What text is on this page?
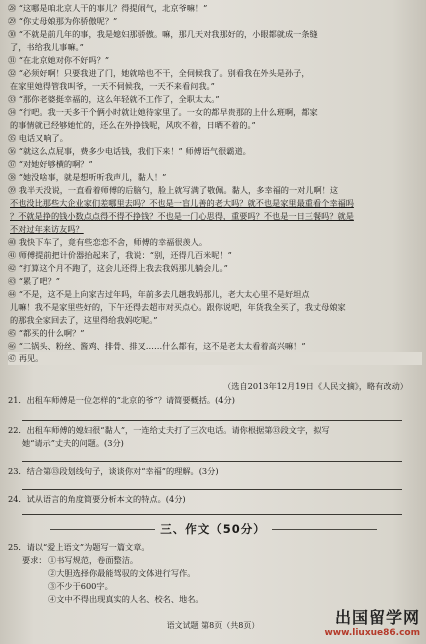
㉘ “这哪是咱北京人干的事儿？得提闹气，北京爷嘛！”
㉙ “你丈母娘那为你骄傲呢？”
㉚ “不就是前几年的事，我是媳妇那骄傲。嘛，那几天对我那好的，小眼都就成一条缝
了，书给我儿事嘛。”
㉛ “在北京她对你不好吗？”
㉜ “必须好啊！只要我进了门，她就啥也不干，全伺候我了。别看我在外头是孙子，
在家里她得管我叫爷，一天不伺候我，一天不来看问我。”
㉝ “那你老婆挺幸福的，这么年轻就不工作了，全职太太。”
㉞ “行吧。我一天多干个俩小时就让她待家里了。一女的都早贵那的上什么班啊，都家
的事情就已经够她忙的，还么在外挣钱呢，风吹不着，日晒不着的。”
㉟ 电话又响了。
㊱ “就这么点屁事，费多少电话钱，我们下来！” 师傅语气很霸道。
㊲ “对她好够横的啊？”
㊳ “她没啥事，就是想听听我声儿，黏人！”
㊴ 我半天没说，一直看着师傅的后脑勺，脸上就写满了敬佩。黏人，多幸福的一对儿啊！这
不也没比那些大企业家们差哪里去吗？不也是一盲儿善的老大吗？就不也是家里最重看个幸福吗
？不就是挣的钱小数点点得不得不挣钱？不也是一门心思得，重要吗？不也是一日三餐吗？就是
不对过年来访友吗？
㊵ 我快下车了，竟有些恋恋不舍，师傅的幸福很羡人。
㊶ 师傅提前把计价器抬起来了，我说：“别，还得几百米呢！”
㊷ “打算这个月不跑了，这会儿还得上我去我妈那儿躺会儿。”
㊸ “累了吧？”
㊹ “不是，这不是上向家吉过年吗，年前多去几趟我妈那儿，老大太心里不是好坦点
儿嘛！我不是家里些好的，下午还得去超市对买点心。跟你说吧，年货我全买了，我丈母娘家
的那我全家回去了，这里得给我妈吃呢。”
㊺ “都买的什么啊？”
㊻ “二锅头、粉丝、酱鸡、排骨、排叉……什么都有，这不是老太太看着高兴嘛！”
㊼ 再见。
（选自2013年12月19日《人民文摘》，略有改动）
21．出租车师傅是一位怎样的“北京的爷”？请简要概括。(4分)
22．出租车师傅的媳妇很“黏人”，一连给丈夫打了三次电话。请你根据第⑬段文字，拟写
她“请示”丈夫的问题。(3分)
23．结合第⑬段划线句子，谈谈你对“幸福”的理解。(3分)
24．试从语言的角度简要分析本文的特点。(4分)
三、作文（50分）
25．请以“爱上语文”为题写一篇文章。
要求： ①书写规范，卷面整洁。
②大胆选择你最能驾驭的文体进行写作。
③不少于600字。
④文中不得出现真实的人名、校名、地名。
语文试题 第8页（共8页）	出国留学网
www.liuxue86.com
